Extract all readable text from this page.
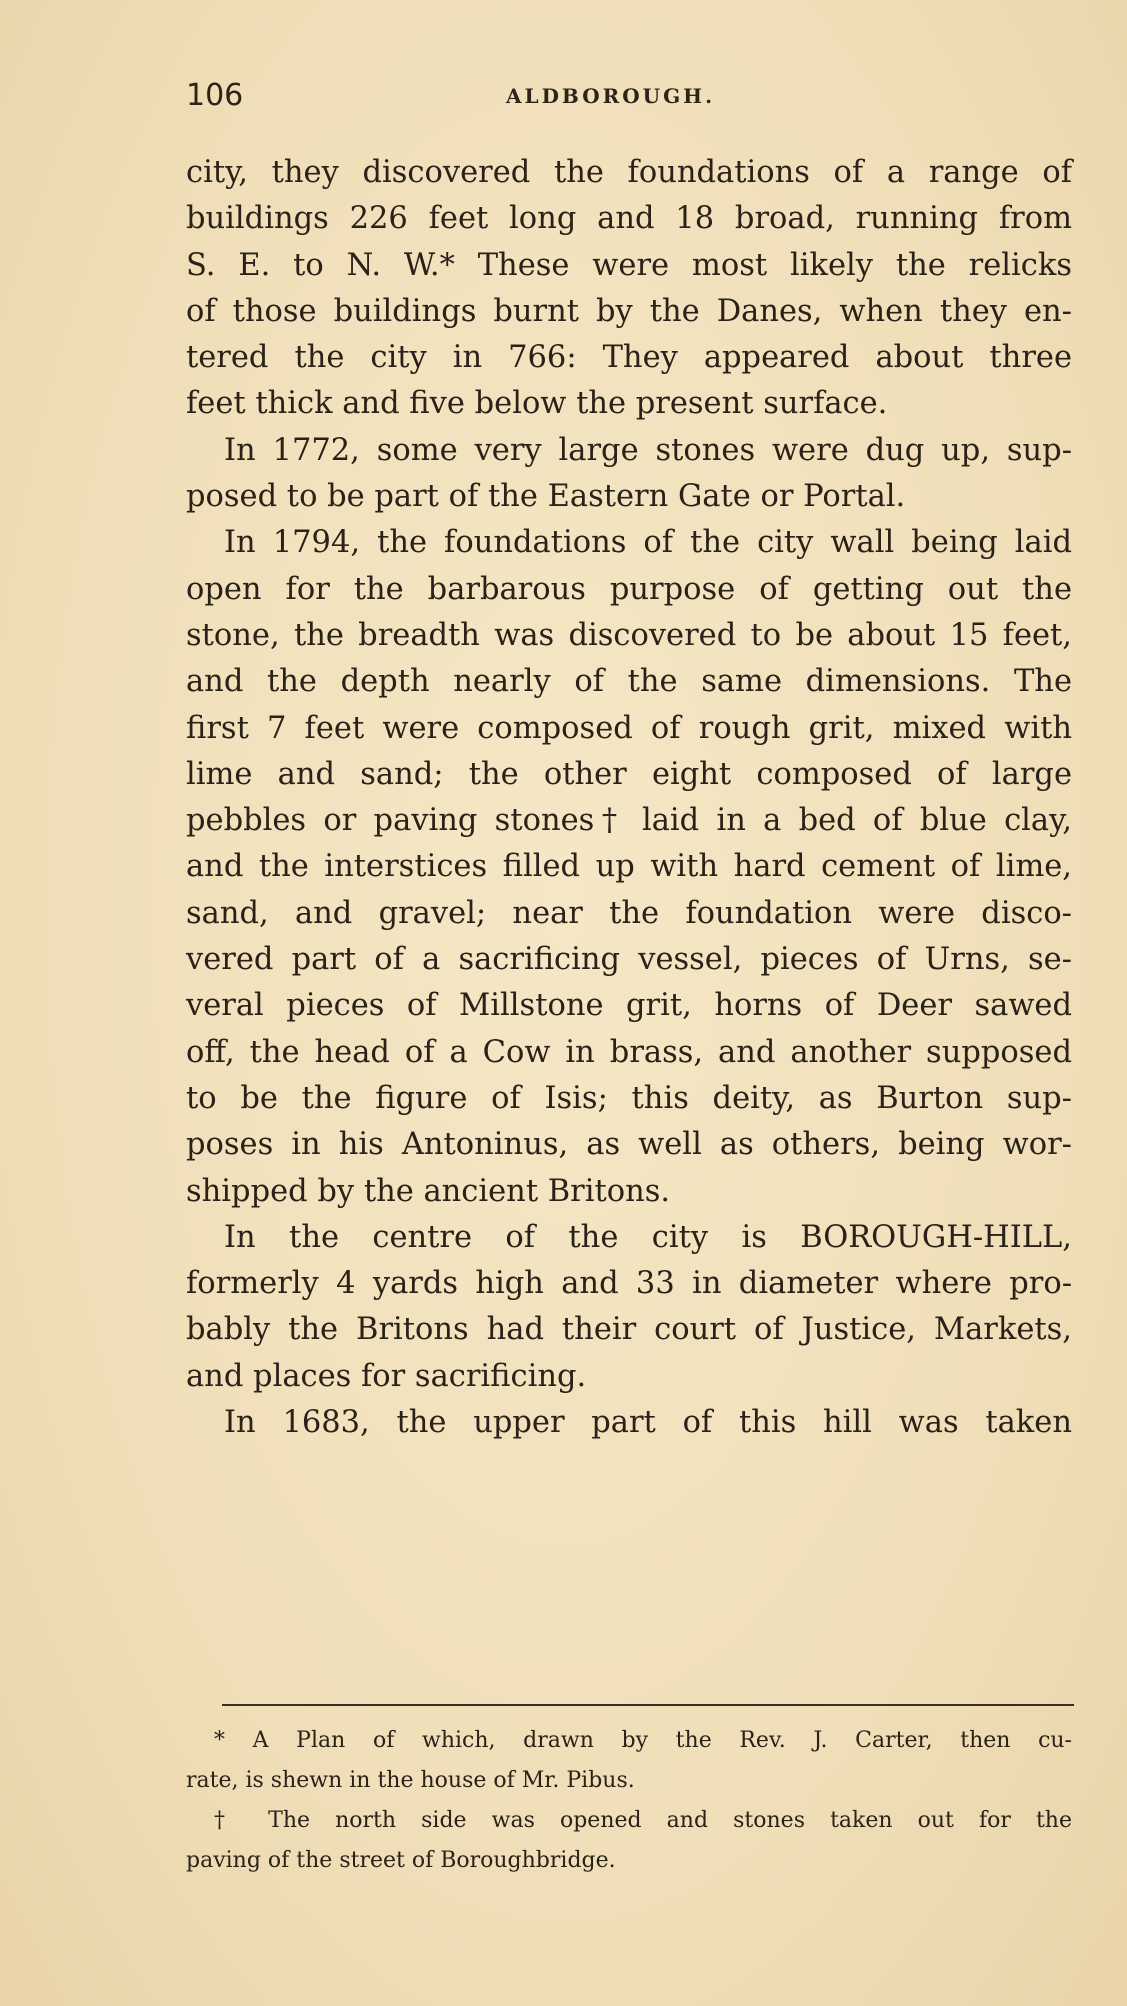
106	ALDBOROUGH.
city, they discovered the foundations of a range of
buildings 226 feet long and 18 broad, running from
S. E. to N. W.* These were most likely the relicks
of those buildings burnt by the Danes, when they en-
tered the city in 766: They appeared about three
feet thick and five below the present surface.
In 1772, some very large stones were dug up, sup-
posed to be part of the Eastern Gate or Portal.
In 1794, the foundations of the city wall being laid
open for the barbarous purpose of getting out the
stone, the breadth was discovered to be about 15 feet,
and the depth nearly of the same dimensions. The
first 7 feet were composed of rough grit, mixed with
lime and sand; the other eight composed of large
pebbles or paving stones† laid in a bed of blue clay,
and the interstices filled up with hard cement of lime,
sand, and gravel; near the foundation were disco-
vered part of a sacrificing vessel, pieces of Urns, se-
veral pieces of Millstone grit, horns of Deer sawed
off, the head of a Cow in brass, and another supposed
to be the figure of Isis; this deity, as Burton sup-
poses in his Antoninus, as well as others, being wor-
shipped by the ancient Britons.
In the centre of the city is BOROUGH-HILL,
formerly 4 yards high and 33 in diameter where pro-
bably the Britons had their court of Justice, Markets,
and places for sacrificing.
In 1683, the upper part of this hill was taken
* A Plan of which, drawn by the Rev. J. Carter, then cu-
rate, is shewn in the house of Mr. Pibus.
† The north side was opened and stones taken out for the
paving of the street of Boroughbridge.
